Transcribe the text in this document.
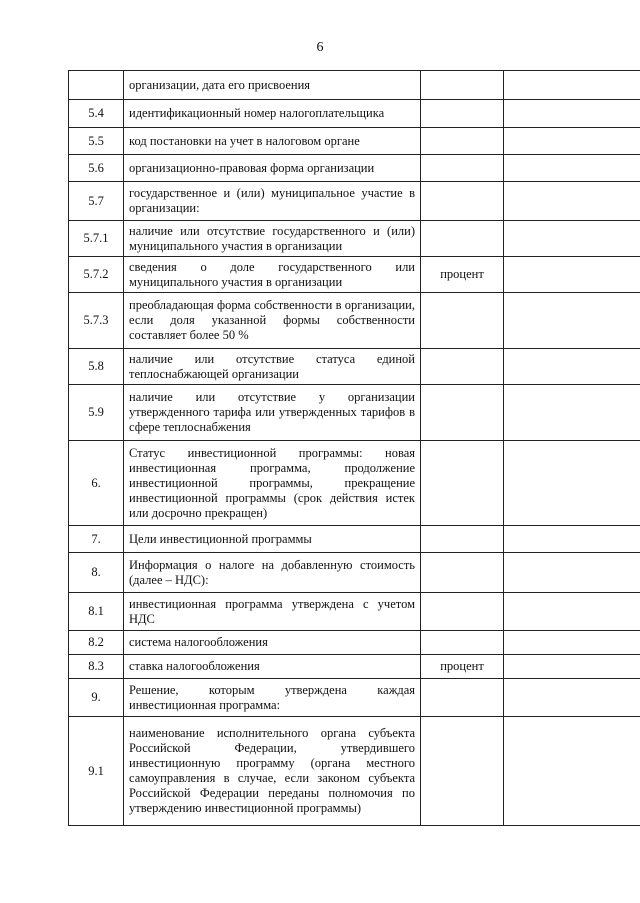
6
	организации, дата его присвоения		
5.4	идентификационный номер налогоплательщика		
5.5	код постановки на учет в налоговом органе		
5.6	организационно-правовая форма организации		
5.7	государственное и (или) муниципальное участие в организации:		
5.7.1	наличие или отсутствие государственного и (или) муниципального участия в организации		
5.7.2	сведения о доле государственного или муниципального участия в организации	процент	
5.7.3	преобладающая форма собственности в организации, если доля указанной формы собственности составляет более 50 %		
5.8	наличие или отсутствие статуса единой теплоснабжающей организации		
5.9	наличие или отсутствие у организации утвержденного тарифа или утвержденных тарифов в сфере теплоснабжения		
6.	Статус инвестиционной программы: новая инвестиционная программа, продолжение инвестиционной программы, прекращение инвестиционной программы (срок действия истек или досрочно прекращен)		
7.	Цели инвестиционной программы		
8.	Информация о налоге на добавленную стоимость (далее – НДС):		
8.1	инвестиционная программа утверждена с учетом НДС		
8.2	система налогообложения		
8.3	ставка налогообложения	процент	
9.	Решение, которым утверждена каждая инвестиционная программа:		
9.1	наименование исполнительного органа субъекта Российской Федерации, утвердившего инвестиционную программу (органа местного самоуправления в случае, если законом субъекта Российской Федерации переданы полномочия по утверждению инвестиционной программы)		
